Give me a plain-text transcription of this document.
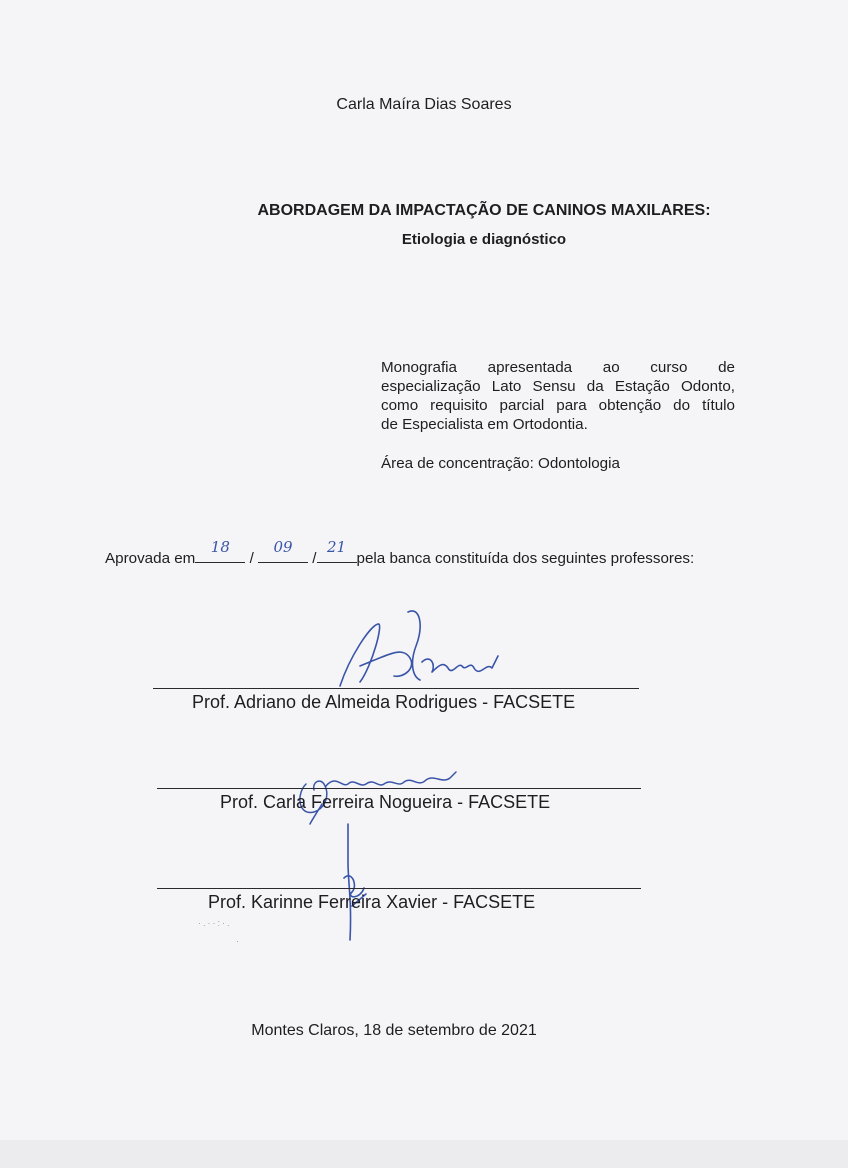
Carla Maíra Dias Soares
ABORDAGEM DA IMPACTAÇÃO DE CANINOS MAXILARES:
Etiologia e diagnóstico
Monografia apresentada ao curso de
especialização Lato Sensu da Estação Odonto,
como requisito parcial para obtenção do título
de Especialista em Ortodontia.
Área de concentração: Odontologia
Aprovada em
18
/
09
/
21
pela banca constituída dos seguintes professores:
Prof. Adriano de Almeida Rodrigues - FACSETE
Prof. Carla Ferreira Nogueira - FACSETE
Prof. Karinne Ferreira Xavier - FACSETE
·.··:·.
·
Montes Claros, 18 de setembro de 2021
